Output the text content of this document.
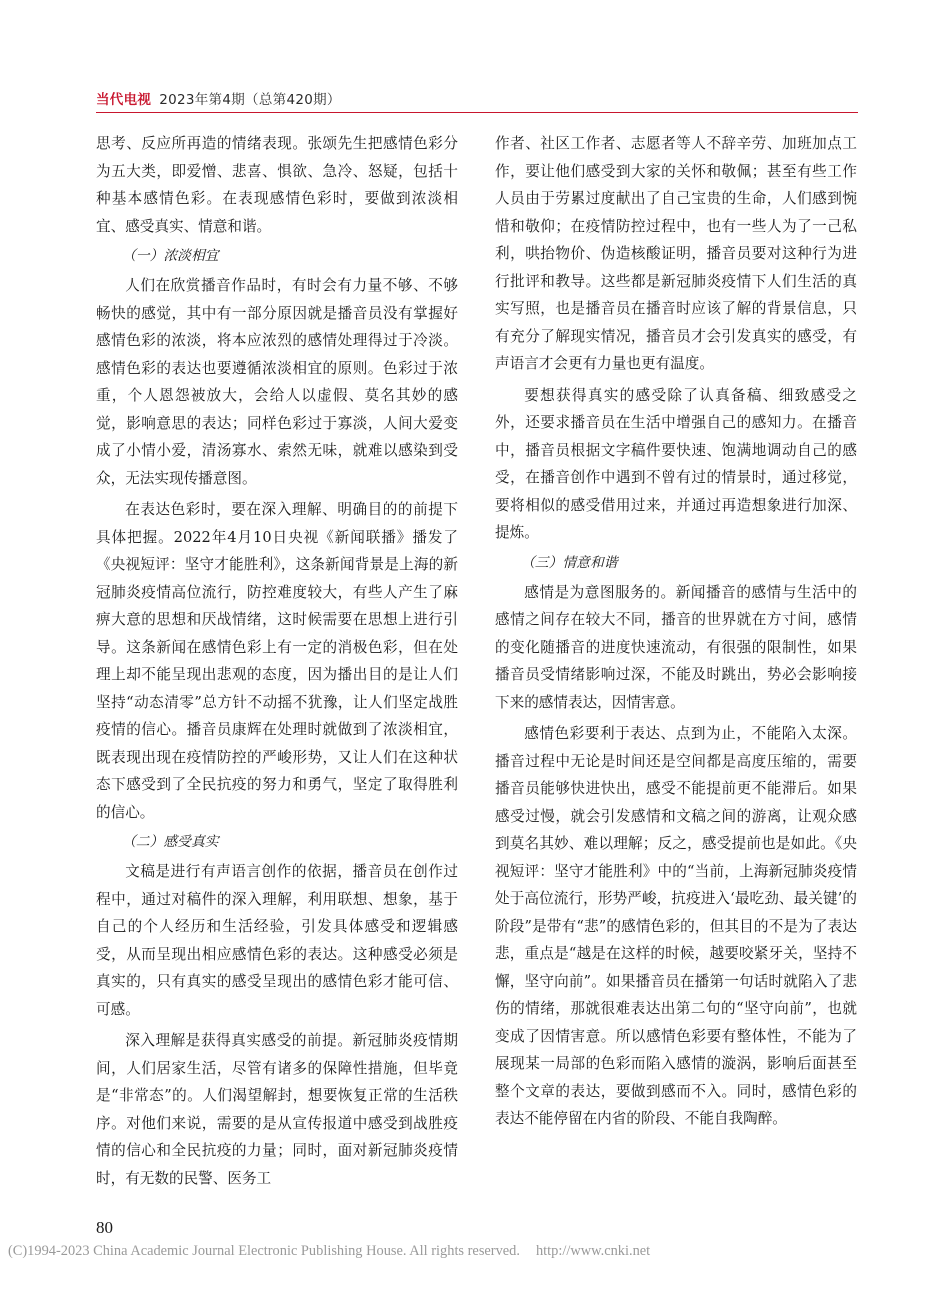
当代电视 2023年第4期（总第420期）

思考、反应所再造的情绪表现。张颂先生把感情色彩分为五大类，即爱憎、悲喜、惧欲、急冷、怒疑，包括十种基本感情色彩。在表现感情色彩时，要做到浓淡相宜、感受真实、情意和谐。

（一）浓淡相宜

人们在欣赏播音作品时，有时会有力量不够、不够畅快的感觉，其中有一部分原因就是播音员没有掌握好感情色彩的浓淡，将本应浓烈的感情处理得过于冷淡。感情色彩的表达也要遵循浓淡相宜的原则。色彩过于浓重，个人恩怨被放大，会给人以虚假、莫名其妙的感觉，影响意思的表达；同样色彩过于寡淡，人间大爱变成了小情小爱，清汤寡水、索然无味，就难以感染到受众，无法实现传播意图。

在表达色彩时，要在深入理解、明确目的的前提下具体把握。2022年4月10日央视《新闻联播》播发了《央视短评：坚守才能胜利》，这条新闻背景是上海的新冠肺炎疫情高位流行，防控难度较大，有些人产生了麻痹大意的思想和厌战情绪，这时候需要在思想上进行引导。这条新闻在感情色彩上有一定的消极色彩，但在处理上却不能呈现出悲观的态度，因为播出目的是让人们坚持“动态清零”总方针不动摇不犹豫，让人们坚定战胜疫情的信心。播音员康辉在处理时就做到了浓淡相宜，既表现出现在疫情防控的严峻形势，又让人们在这种状态下感受到了全民抗疫的努力和勇气，坚定了取得胜利的信心。

（二）感受真实

文稿是进行有声语言创作的依据，播音员在创作过程中，通过对稿件的深入理解，利用联想、想象，基于自己的个人经历和生活经验，引发具体感受和逻辑感受，从而呈现出相应感情色彩的表达。这种感受必须是真实的，只有真实的感受呈现出的感情色彩才能可信、可感。

深入理解是获得真实感受的前提。新冠肺炎疫情期间，人们居家生活，尽管有诸多的保障性措施，但毕竟是“非常态”的。人们渴望解封，想要恢复正常的生活秩序。对他们来说，需要的是从宣传报道中感受到战胜疫情的信心和全民抗疫的力量；同时，面对新冠肺炎疫情时，有无数的民警、医务工

作者、社区工作者、志愿者等人不辞辛劳、加班加点工作，要让他们感受到大家的关怀和敬佩；甚至有些工作人员由于劳累过度献出了自己宝贵的生命，人们感到惋惜和敬仰；在疫情防控过程中，也有一些人为了一己私利，哄抬物价、伪造核酸证明，播音员要对这种行为进行批评和教导。这些都是新冠肺炎疫情下人们生活的真实写照，也是播音员在播音时应该了解的背景信息，只有充分了解现实情况，播音员才会引发真实的感受，有声语言才会更有力量也更有温度。

要想获得真实的感受除了认真备稿、细致感受之外，还要求播音员在生活中增强自己的感知力。在播音中，播音员根据文字稿件要快速、饱满地调动自己的感受，在播音创作中遇到不曾有过的情景时，通过移觉，要将相似的感受借用过来，并通过再造想象进行加深、提炼。

（三）情意和谐

感情是为意图服务的。新闻播音的感情与生活中的感情之间存在较大不同，播音的世界就在方寸间，感情的变化随播音的进度快速流动，有很强的限制性，如果播音员受情绪影响过深，不能及时跳出，势必会影响接下来的感情表达，因情害意。

感情色彩要利于表达、点到为止，不能陷入太深。播音过程中无论是时间还是空间都是高度压缩的，需要播音员能够快进快出，感受不能提前更不能滞后。如果感受过慢，就会引发感情和文稿之间的游离，让观众感到莫名其妙、难以理解；反之，感受提前也是如此。《央视短评：坚守才能胜利》中的“当前，上海新冠肺炎疫情处于高位流行，形势严峻，抗疫进入‘最吃劲、最关键’的阶段”是带有“悲”的感情色彩的，但其目的不是为了表达悲，重点是“越是在这样的时候，越要咬紧牙关，坚持不懈，坚守向前”。如果播音员在播第一句话时就陷入了悲伤的情绪，那就很难表达出第二句的“坚守向前”，也就变成了因情害意。所以感情色彩要有整体性，不能为了展现某一局部的色彩而陷入感情的漩涡，影响后面甚至整个文章的表达，要做到感而不入。同时，感情色彩的表达不能停留在内省的阶段、不能自我陶醉。

80
(C)1994-2023 China Academic Journal Electronic Publishing House. All rights reserved. http://www.cnki.net
